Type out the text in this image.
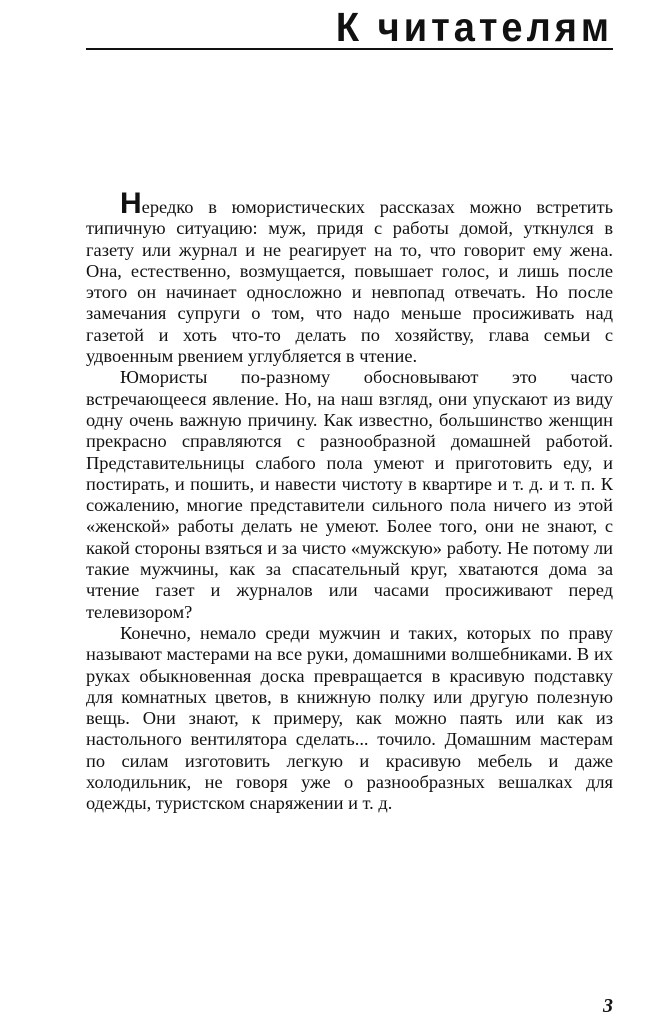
К читателям

Нередко в юмористических рассказах можно встретить типичную ситуацию: муж, придя с работы домой, уткнулся в газету или журнал и не реагирует на то, что говорит ему жена. Она, естественно, возмущается, повышает голос, и лишь после этого он начинает односложно и невпопад отвечать. Но после замечания супруги о том, что надо меньше просиживать над газетой и хоть что-то делать по хозяйству, глава семьи с удвоенным рвением углубляется в чтение.

Юмористы по-разному обосновывают это часто встречающееся явление. Но, на наш взгляд, они упускают из виду одну очень важную причину. Как известно, большинство женщин прекрасно справляются с разнообразной домашней работой. Представительницы слабого пола умеют и приготовить еду, и постирать, и пошить, и навести чистоту в квартире и т. д. и т. п. К сожалению, многие представители сильного пола ничего из этой «женской» работы делать не умеют. Более того, они не знают, с какой стороны взяться и за чисто «мужскую» работу. Не потому ли такие мужчины, как за спасательный круг, хватаются дома за чтение газет и журналов или часами просиживают перед телевизором?

Конечно, немало среди мужчин и таких, которых по праву называют мастерами на все руки, домашними волшебниками. В их руках обыкновенная доска превращается в красивую подставку для комнатных цветов, в книжную полку или другую полезную вещь. Они знают, к примеру, как можно паять или как из настольного вентилятора сделать... точило. Домашним мастерам по силам изготовить легкую и красивую мебель и даже холодильник, не говоря уже о разнообразных вешалках для одежды, туристском снаряжении и т. д.

3
